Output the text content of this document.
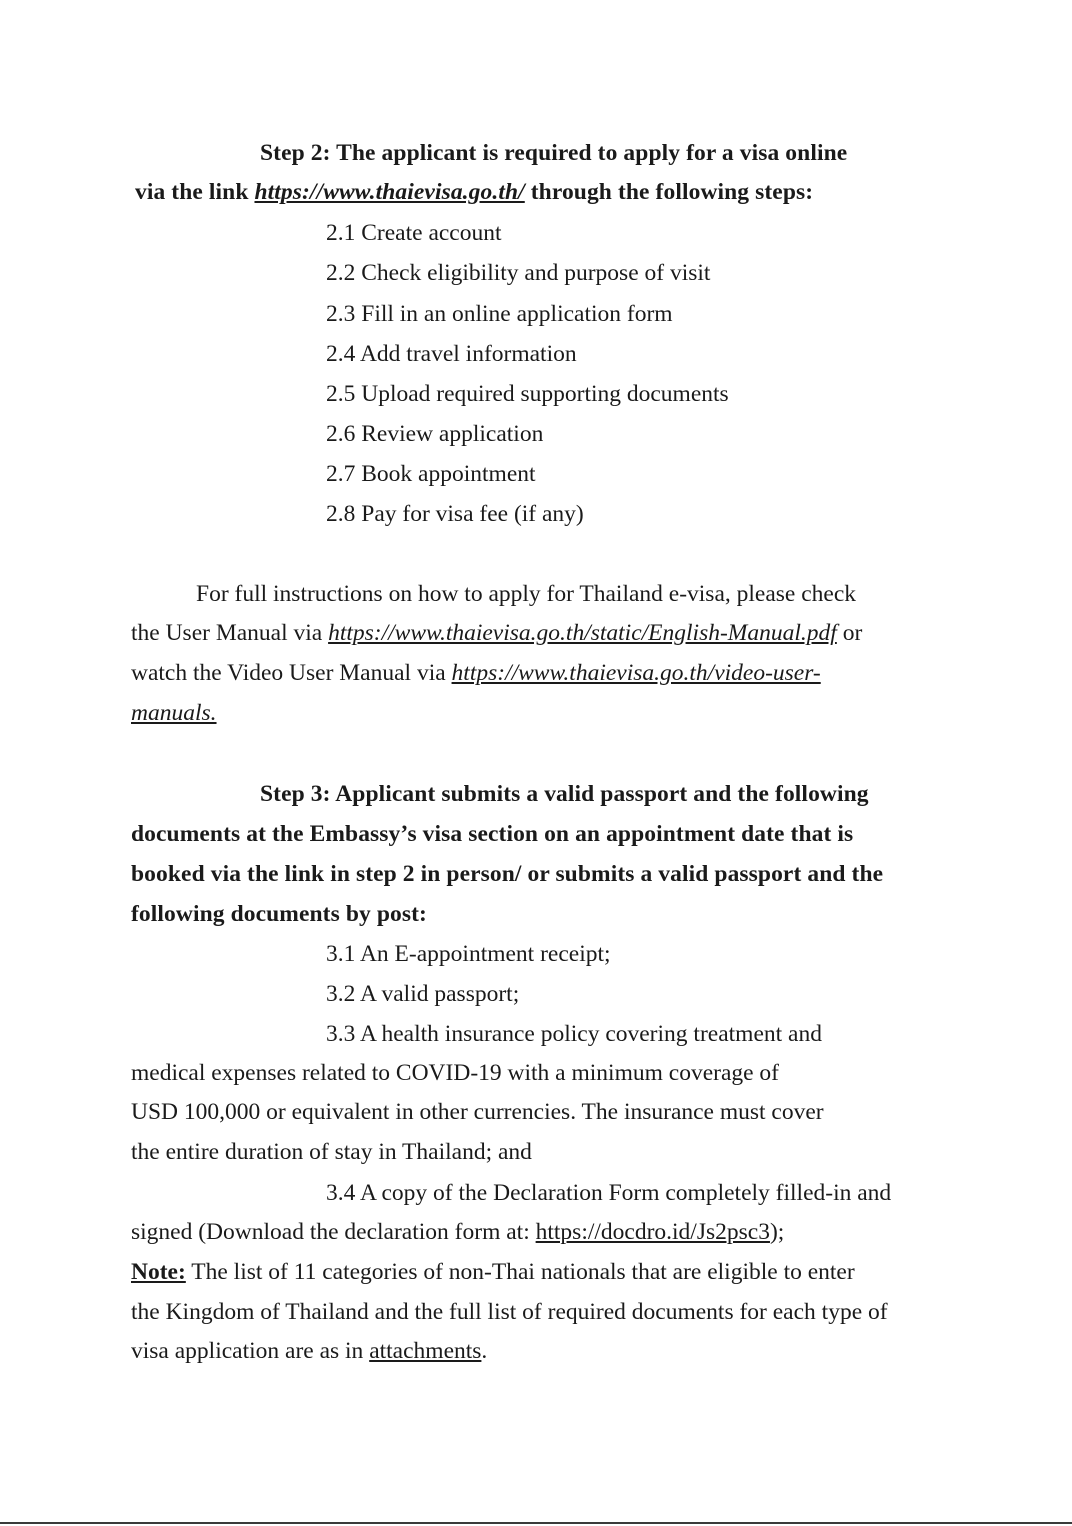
Step 2: The applicant is required to apply for a visa online
via the link https://www.thaievisa.go.th/ through the following steps:
2.1 Create account
2.2 Check eligibility and purpose of visit
2.3 Fill in an online application form
2.4 Add travel information
2.5 Upload required supporting documents
2.6 Review application
2.7 Book appointment
2.8 Pay for visa fee (if any)
For full instructions on how to apply for Thailand e-visa, please check
the User Manual via https://www.thaievisa.go.th/static/English-Manual.pdf or
watch the Video User Manual via https://www.thaievisa.go.th/video-user-
manuals.
Step 3: Applicant submits a valid passport and the following
documents at the Embassy’s visa section on an appointment date that is
booked via the link in step 2 in person/ or submits a valid passport and the
following documents by post:
3.1 An E-appointment receipt;
3.2 A valid passport;
3.3 A health insurance policy covering treatment and
medical expenses related to COVID-19 with a minimum coverage of
USD 100,000 or equivalent in other currencies. The insurance must cover
the entire duration of stay in Thailand; and
3.4 A copy of the Declaration Form completely filled-in and
signed (Download the declaration form at: https://docdro.id/Js2psc3);
Note: The list of 11 categories of non-Thai nationals that are eligible to enter
the Kingdom of Thailand and the full list of required documents for each type of
visa application are as in attachments.
